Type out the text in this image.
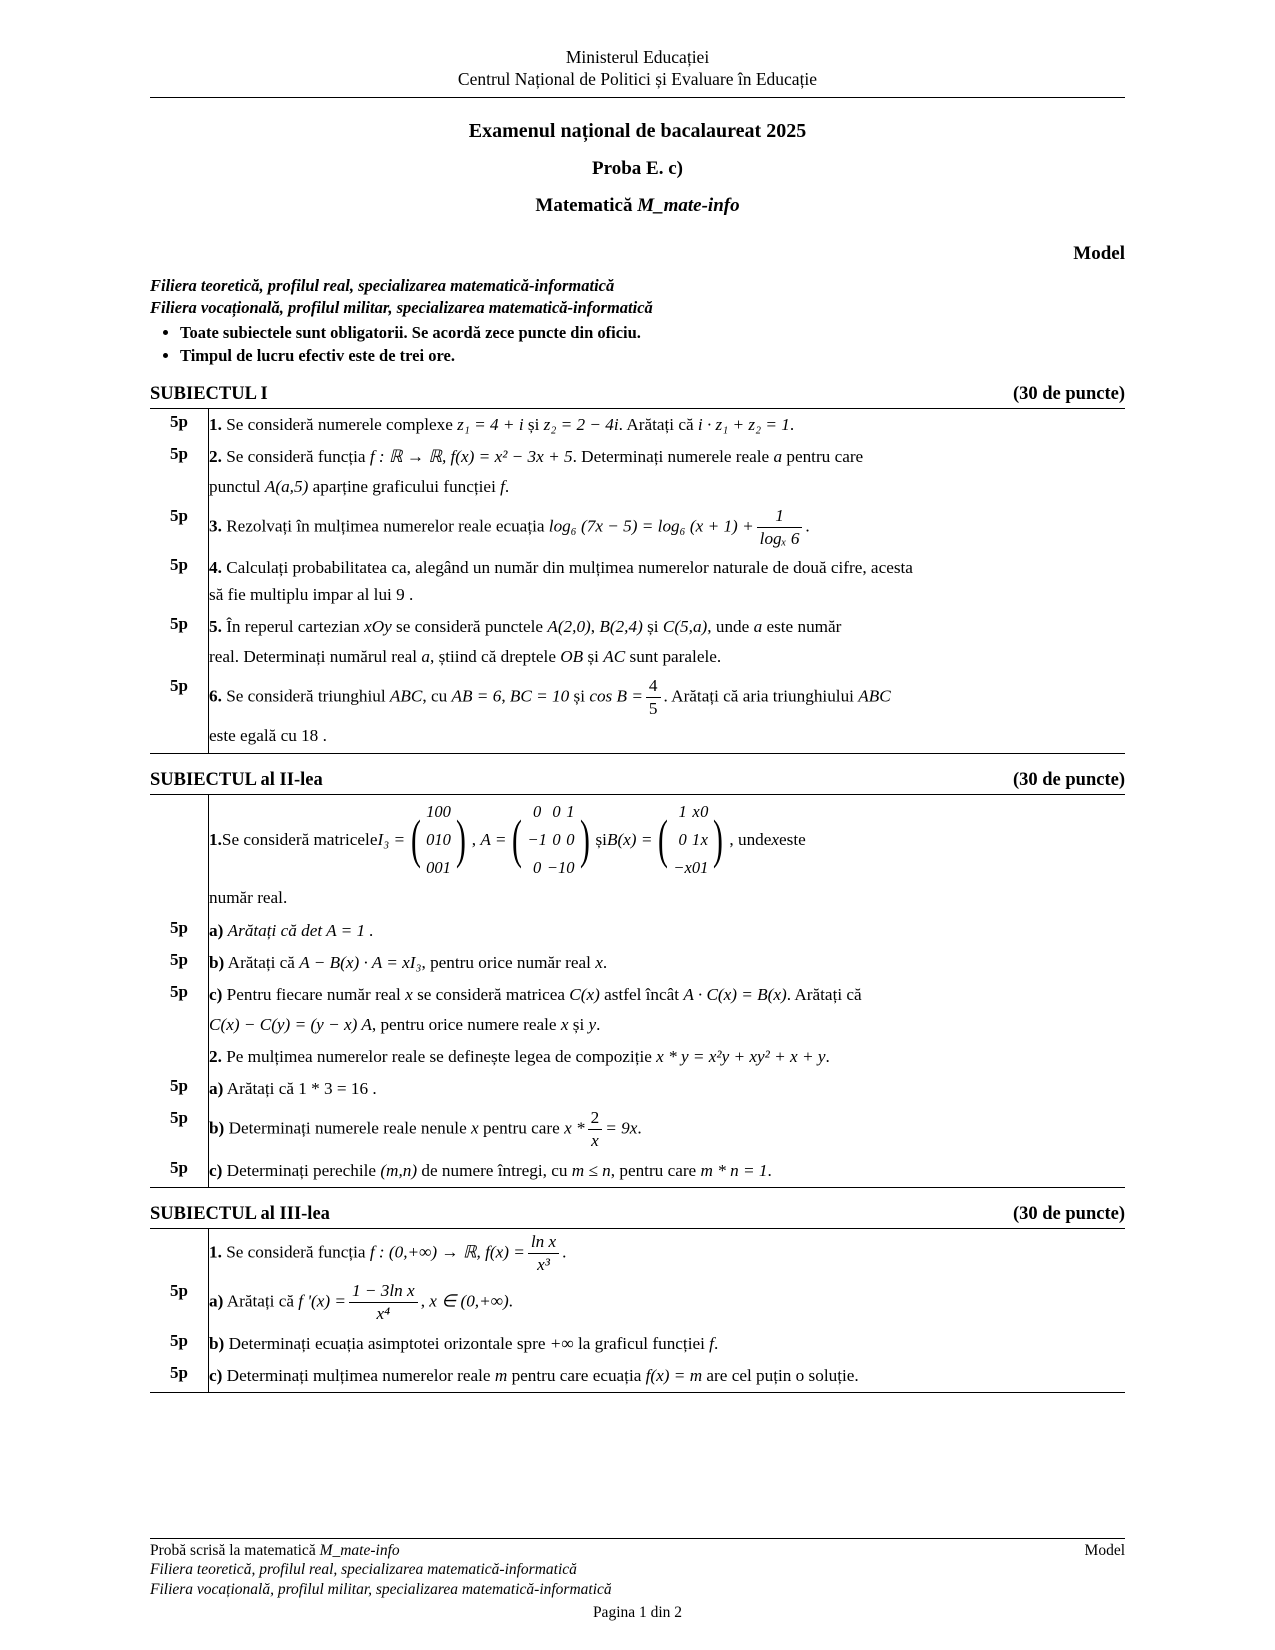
Ministerul Educației
Centrul Național de Politici și Evaluare în Educație
Examenul național de bacalaureat 2025
Proba E. c)
Matematică M_mate-info
Model
Filiera teoretică, profilul real, specializarea matematică-informatică
Filiera vocațională, profilul militar, specializarea matematică-informatică
• Toate subiectele sunt obligatorii. Se acordă zece puncte din oficiu.
• Timpul de lucru efectiv este de trei ore.
SUBIECTUL I	(30 de puncte)
5p	1. Se consideră numerele complexe z₁ = 4 + i și z₂ = 2 − 4i. Arătați că i · z₁ + z₂ = 1.
5p	2. Se consideră funcția f : ℝ → ℝ, f(x) = x² − 3x + 5. Determinați numerele reale a pentru care
punctul A(a,5) aparține graficului funcției f.

5p	3. Rezolvați în mulțimea numerelor reale ecuația log₆ (7x − 5) = log₆ $(x + 1) + \frac{1}{\text{logₓ 6}}$ .
5p	4. Calculați probabilitatea ca, alegând un număr din mulțimea numerelor naturale de două cifre, acesta
să fie multiplu impar al lui 9 .

5p	5. În reperul cartezian xOy se consideră punctele A(2,0), B(2,4) și C(5,a), unde a este număr
real. Determinați numărul real a, știind că dreptele OB și AC sunt paralele.

5p	6. Se consideră triunghiul ABC, cu AB = 6, BC = 10 și $\cos B = \frac{4}{5}$ . Arătați că aria triunghiului ABC
este egală cu 18 .
SUBIECTUL al II-lea	(30 de puncte)

1. Se consideră matricele I₃ = ( 1	0	0
0	1	0
0	0	1 ) , A = ( 0	0	1
−1	0	0
0	−1	0 ) și B(x) = ( 1	x	0
0	1	x
−x	0	1 ) , unde x este

	număr real.
5p	a) Arătați că det A = 1 .
5p	b) Arătați că A − B(x) · A = xI₃, pentru orice număr real x.
5p	c) Pentru fiecare număr real x se consideră matricea C(x) astfel încât A · C(x) = B(x). Arătați că
C(x) − C(y) = (y − x) A, pentru orice numere reale x și y.

	2. Pe mulțimea numerelor reale se definește legea de compoziție x * y = x²y + xy² + x + y.
5p	a) Arătați că 1 * 3 = 16 .
5p	b) Determinați numerele reale nenule x pentru care $x * \frac{2}{x} = 9x$.
5p	c) Determinați perechile (m,n) de numere întregi, cu m ≤ n, pentru care m * n = 1.
SUBIECTUL al III-lea	(30 de puncte)
	1. Se consideră funcția f : (0,+∞) → ℝ, $f(x) = \frac{\text{ln x}}{\text{x³}}$ .
5p	a) Arătați că f '$(x) = \frac{\text{1 − 3ln x}}{\text{x⁴}}$ , x ∈ (0,+∞).
5p	b) Determinați ecuația asimptotei orizontale spre +∞ la graficul funcției f.
5p	c) Determinați mulțimea numerelor reale m pentru care ecuația f(x) = m are cel puțin o soluție.
Probă scrisă la matematică M_mate-info	Model
Filiera teoretică, profilul real, specializarea matematică-informatică
Filiera vocațională, profilul militar, specializarea matematică-informatică
Pagina 1 din 2
